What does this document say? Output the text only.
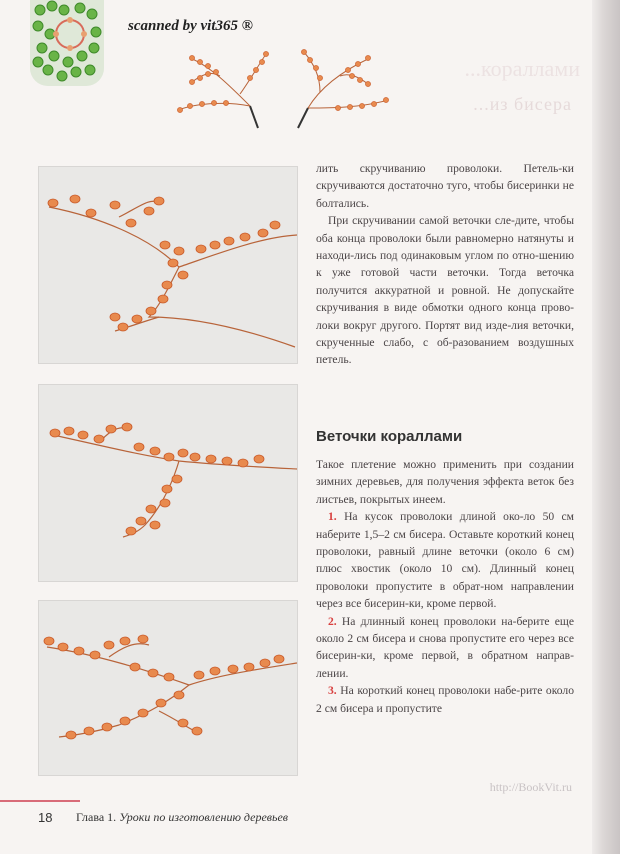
scanned by vit365 ®
...кораллами
...из бисера

лить скручиванию проволоки. Петель-ки скручиваются достаточно туго, чтобы бисеринки не болтались.

При скручивании самой веточки сле-дите, чтобы оба конца проволоки были равномерно натянуты и находи-лись под одинаковым углом по отно-шению к уже готовой части веточки. Тогда веточка получится аккуратной и ровной. Не допускайте скручивания в виде обмотки одного конца прово-локи вокруг другого. Портят вид изде-лия веточки, скрученные слабо, с об-разованием воздушных петель.

Веточки кораллами

Такое плетение можно применить при создании зимних деревьев, для получения эффекта веток без листьев, покрытых инеем.

1. На кусок проволоки длиной око-ло 50 см наберите 1,5–2 см бисера. Оставьте короткий конец проволоки, равный длине веточки (около 6 см) плюс хвостик (около 10 см). Длинный конец проволоки пропустите в обрат-ном направлении через все бисерин-ки, кроме первой.

2. На длинный конец проволоки на-берите еще около 2 см бисера и снова пропустите его через все бисерин-ки, кроме первой, в обратном направ-лении.

3. На короткий конец проволоки набе-рите около 2 см бисера и пропустите

http://BookVit.ru
18 Глава 1. Уроки по изготовлению деревьев
